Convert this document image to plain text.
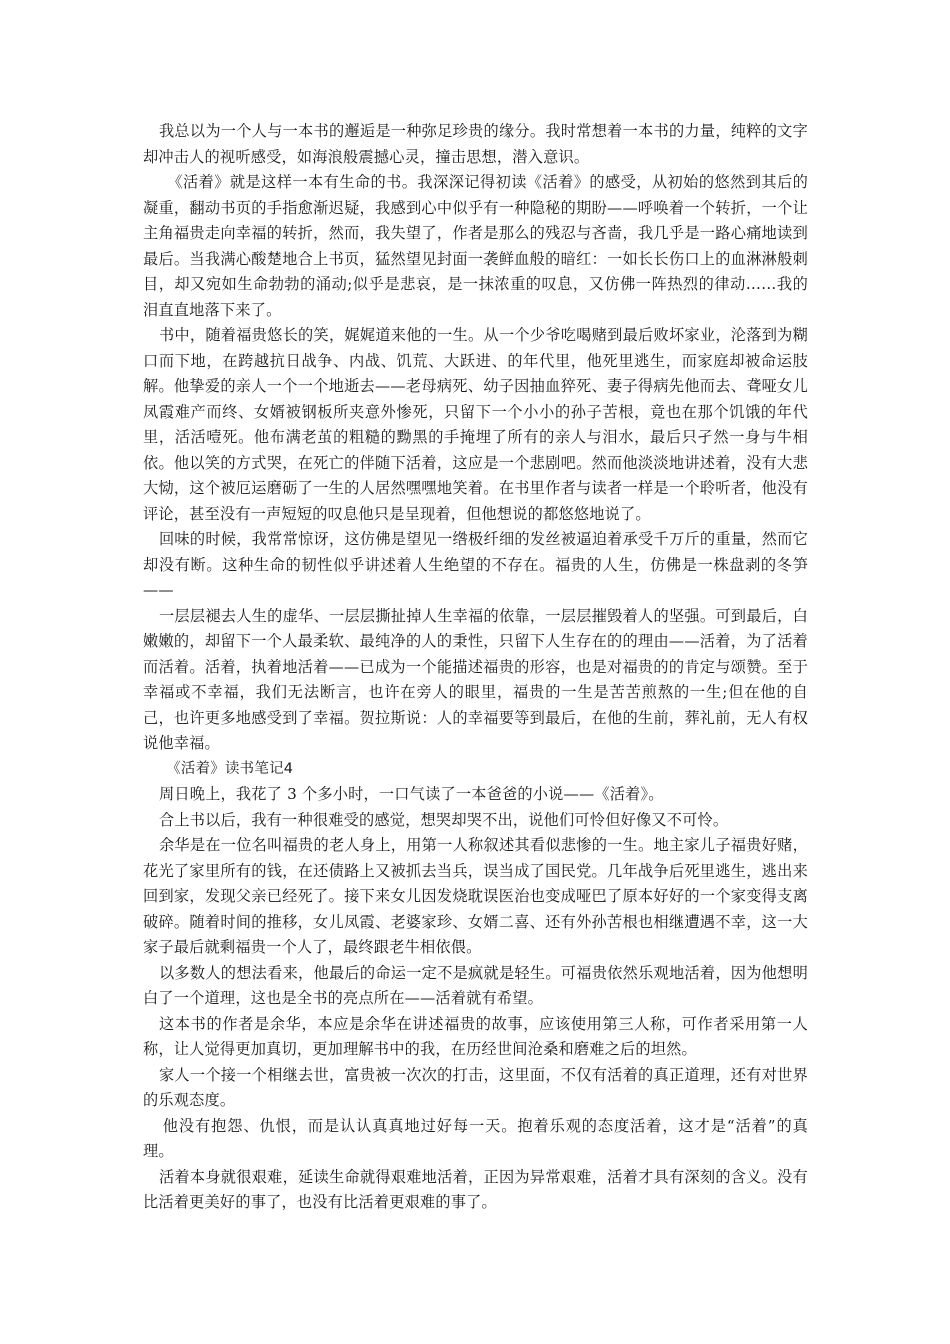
我总以为一个人与一本书的邂逅是一种弥足珍贵的缘分。我时常想着一本书的力量，纯粹的文字却冲击人的视听感受，如海浪般震撼心灵，撞击思想，潜入意识。

《活着》就是这样一本有生命的书。我深深记得初读《活着》的感受，从初始的悠然到其后的凝重，翻动书页的手指愈渐迟疑，我感到心中似乎有一种隐秘的期盼——呼唤着一个转折，一个让主角福贵走向幸福的转折，然而，我失望了，作者是那么的残忍与吝啬，我几乎是一路心痛地读到最后。当我满心酸楚地合上书页，猛然望见封面一袭鲜血般的暗红：一如长长伤口上的血淋淋般刺目，却又宛如生命勃勃的涌动;似乎是悲哀，是一抹浓重的叹息，又仿佛一阵热烈的律动……我的泪直直地落下来了。

书中，随着福贵悠长的笑，娓娓道来他的一生。从一个少爷吃喝赌到最后败坏家业，沦落到为糊口而下地，在跨越抗日战争、内战、饥荒、大跃进、的年代里，他死里逃生，而家庭却被命运肢解。他挚爱的亲人一个一个地逝去——老母病死、幼子因抽血猝死、妻子得病先他而去、聋哑女儿凤霞难产而终、女婿被钢板所夹意外惨死，只留下一个小小的孙子苦根，竟也在那个饥饿的年代里，活活噎死。他布满老茧的粗糙的黝黑的手掩埋了所有的亲人与泪水，最后只孑然一身与牛相依。他以笑的方式哭，在死亡的伴随下活着，这应是一个悲剧吧。然而他淡淡地讲述着，没有大悲大恸，这个被厄运磨砺了一生的人居然嘿嘿地笑着。在书里作者与读者一样是一个聆听者，他没有评论，甚至没有一声短短的叹息他只是呈现着，但他想说的都悠悠地说了。

回味的时候，我常常惊讶，这仿佛是望见一绺极纤细的发丝被逼迫着承受千万斤的重量，然而它却没有断。这种生命的韧性似乎讲述着人生绝望的不存在。福贵的人生，仿佛是一株盘剥的冬笋——

一层层褪去人生的虚华、一层层撕扯掉人生幸福的依靠，一层层摧毁着人的坚强。可到最后，白嫩嫩的，却留下一个人最柔软、最纯净的人的秉性，只留下人生存在的的理由——活着，为了活着而活着。活着，执着地活着——已成为一个能描述福贵的形容，也是对福贵的的肯定与颂赞。至于幸福或不幸福，我们无法断言，也许在旁人的眼里，福贵的一生是苦苦煎熬的一生;但在他的自己，也许更多地感受到了幸福。贺拉斯说：人的幸福要等到最后，在他的生前，葬礼前，无人有权说他幸福。

《活着》读书笔记4

周日晚上，我花了 3 个多小时，一口气读了一本爸爸的小说——《活着》。

合上书以后，我有一种很难受的感觉，想哭却哭不出，说他们可怜但好像又不可怜。

余华是在一位名叫福贵的老人身上，用第一人称叙述其看似悲惨的一生。地主家儿子福贵好赌，花光了家里所有的钱，在还债路上又被抓去当兵，误当成了国民党。几年战争后死里逃生，逃出来回到家，发现父亲已经死了。接下来女儿因发烧耽误医治也变成哑巴了原本好好的一个家变得支离破碎。随着时间的推移，女儿凤霞、老婆家珍、女婿二喜、还有外孙苦根也相继遭遇不幸，这一大家子最后就剩福贵一个人了，最终跟老牛相依偎。

以多数人的想法看来，他最后的命运一定不是疯就是轻生。可福贵依然乐观地活着，因为他想明白了一个道理，这也是全书的亮点所在——活着就有希望。

这本书的作者是余华，本应是余华在讲述福贵的故事，应该使用第三人称，可作者采用第一人称，让人觉得更加真切，更加理解书中的我，在历经世间沧桑和磨难之后的坦然。

家人一个接一个相继去世，富贵被一次次的打击，这里面，不仅有活着的真正道理，还有对世界的乐观态度。

他没有抱怨、仇恨，而是认认真真地过好每一天。抱着乐观的态度活着，这才是“活着”的真理。

活着本身就很艰难，延读生命就得艰难地活着，正因为异常艰难，活着才具有深刻的含义。没有比活着更美好的事了，也没有比活着更艰难的事了。
